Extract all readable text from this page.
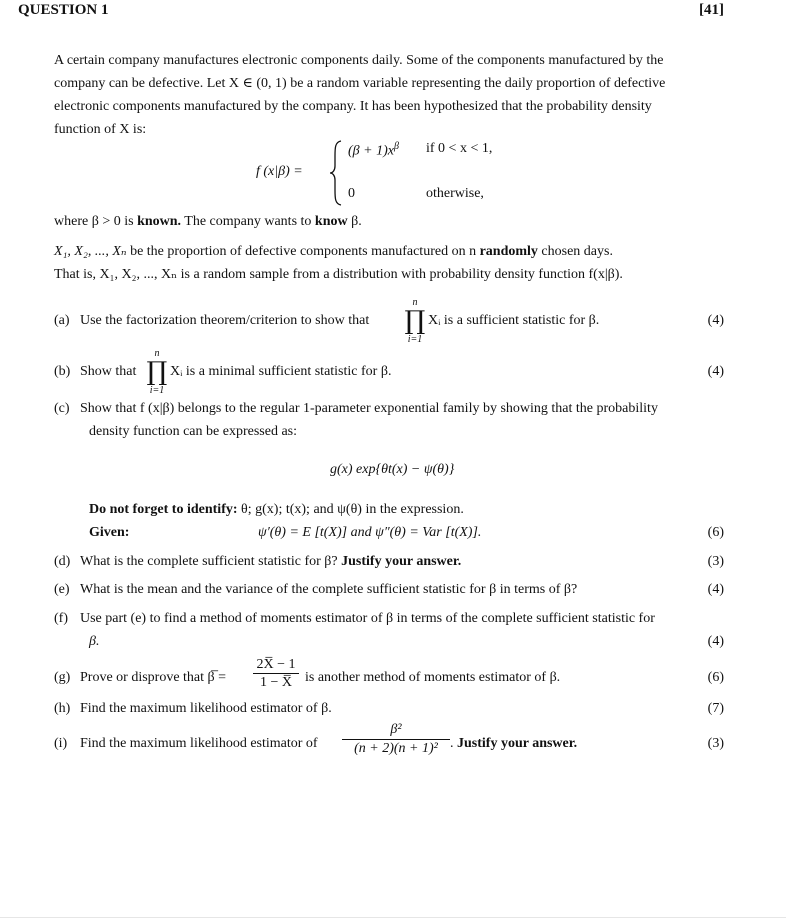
QUESTION 1	[41]
A certain company manufactures electronic components daily. Some of the components manufactured by the
company can be defective. Let X ∈ (0, 1) be a random variable representing the daily proportion of defective
electronic components manufactured by the company. It has been hypothesized that the probability density
function of X is:
f (x|β) =
$(\beta + 1)x^\beta$ if 0 < x < 1,
0	otherwise,
where β > 0 is known. The company wants to know β.
X₁, X₂, ..., Xₙ be the proportion of defective components manufactured on n randomly chosen days.
That is, X₁, X₂, ..., Xₙ is a random sample from a distribution with probability density function f(x|β).
(a) Use the factorization theorem/criterion to show that
n
∏
i=1
Xᵢ is a sufficient statistic for β.	(4)
(b) Show that
n
∏
i=1
Xᵢ is a minimal sufficient statistic for β.	(4)
(c) Show that f (x|β) belongs to the regular 1-parameter exponential family by showing that the probability
density function can be expressed as:
g(x) exp{θt(x) − ψ(θ)}
Do not forget to identify: θ; g(x); t(x); and ψ(θ) in the expression.
Given:	ψ′(θ) = E [t(X)] and ψ″(θ) = Var [t(X)].	(6)
(d) What is the complete sufficient statistic for β? Justify your answer.	(3)
(e) What is the mean and the variance of the complete sufficient statistic for β in terms of β?	(4)
(f) Use part (e) to find a method of moments estimator of β in terms of the complete sufficient statistic for
β.	(4)
(g) Prove or disprove that β̅ = $\frac{2X̅ - 1}{1 - X̅}$ is another method of moments estimator of β.	(6)
(h) Find the maximum likelihood estimator of β.	(7)
(i) Find the maximum likelihood estimator of $\frac{\text{β²}}{\text{(n + 2)(n + 1)²}}$ . Justify your answer.	(3)
